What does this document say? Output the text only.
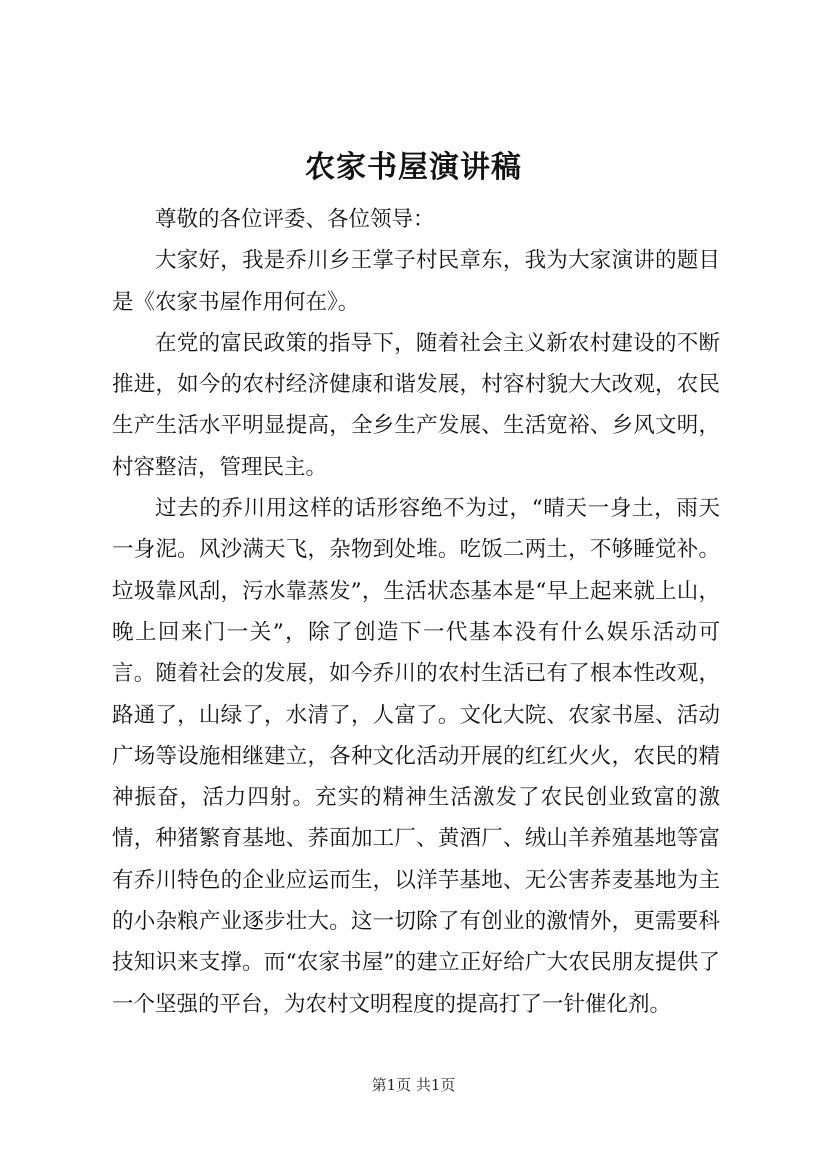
农家书屋演讲稿

尊敬的各位评委、各位领导：

大家好，我是乔川乡王掌子村民章东，我为大家演讲的题目是《农家书屋作用何在》。

在党的富民政策的指导下，随着社会主义新农村建设的不断推进，如今的农村经济健康和谐发展，村容村貌大大改观，农民生产生活水平明显提高，全乡生产发展、生活宽裕、乡风文明，村容整洁，管理民主。

过去的乔川用这样的话形容绝不为过，“晴天一身土，雨天一身泥。风沙满天飞，杂物到处堆。吃饭二两土，不够睡觉补。垃圾靠风刮，污水靠蒸发”，生活状态基本是“早上起来就上山，晚上回来门一关”，除了创造下一代基本没有什么娱乐活动可言。随着社会的发展，如今乔川的农村生活已有了根本性改观，路通了，山绿了，水清了，人富了。文化大院、农家书屋、活动广场等设施相继建立，各种文化活动开展的红红火火，农民的精神振奋，活力四射。充实的精神生活激发了农民创业致富的激情，种猪繁育基地、荞面加工厂、黄酒厂、绒山羊养殖基地等富有乔川特色的企业应运而生，以洋芋基地、无公害荞麦基地为主的小杂粮产业逐步壮大。这一切除了有创业的激情外，更需要科技知识来支撑。而“农家书屋”的建立正好给广大农民朋友提供了一个坚强的平台，为农村文明程度的提高打了一针催化剂。

第1页 共1页
